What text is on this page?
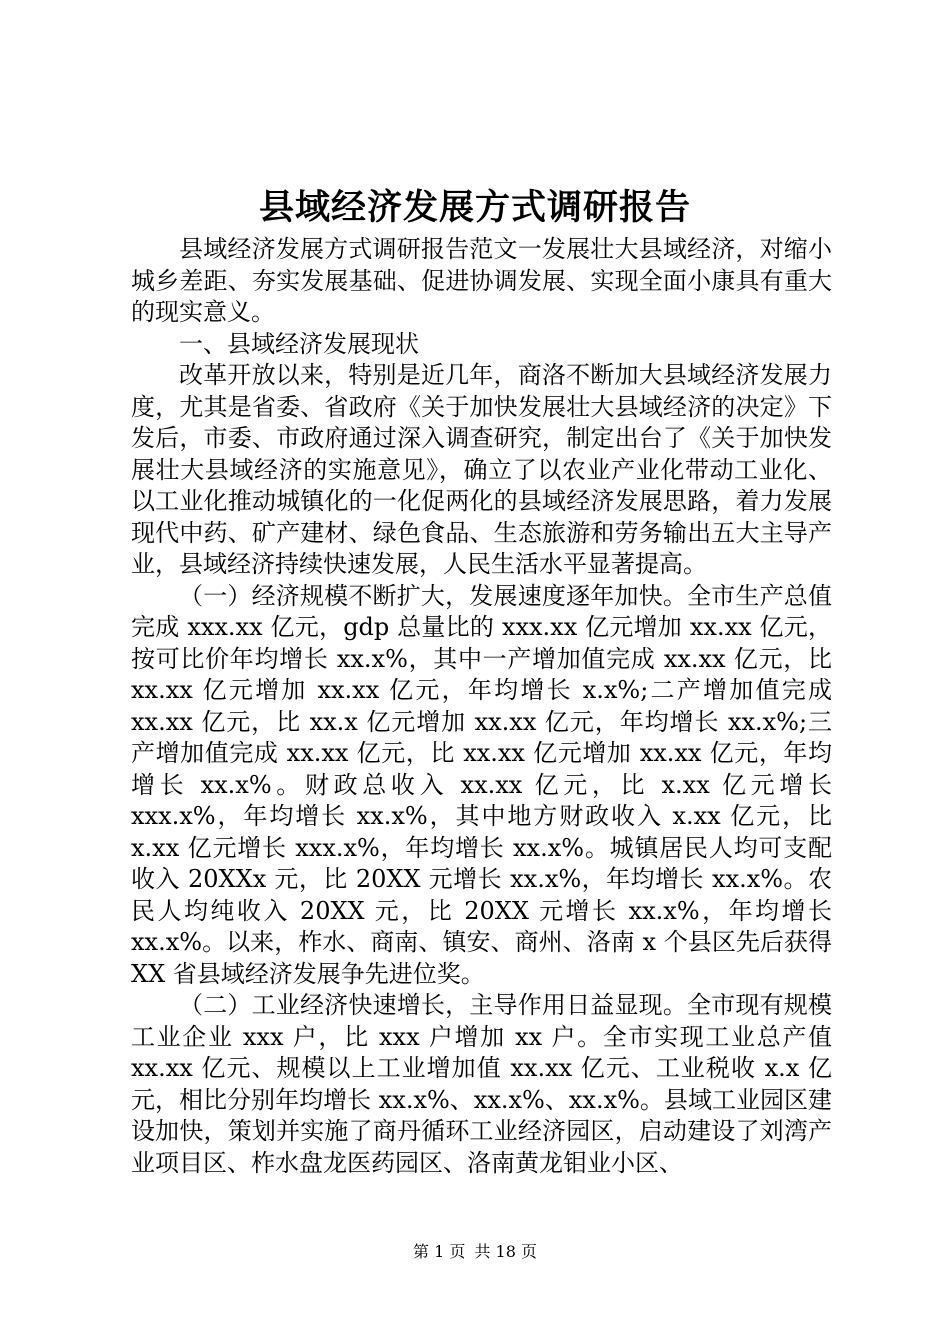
县域经济发展方式调研报告

县域经济发展方式调研报告范文一发展壮大县域经济，对缩小城乡差距、夯实发展基础、促进协调发展、实现全面小康具有重大的现实意义。

一、县域经济发展现状

改革开放以来，特别是近几年，商洛不断加大县域经济发展力度，尤其是省委、省政府《关于加快发展壮大县域经济的决定》下发后，市委、市政府通过深入调查研究，制定出台了《关于加快发展壮大县域经济的实施意见》，确立了以农业产业化带动工业化、以工业化推动城镇化的一化促两化的县域经济发展思路，着力发展现代中药、矿产建材、绿色食品、生态旅游和劳务输出五大主导产业，县域经济持续快速发展，人民生活水平显著提高。

（一）经济规模不断扩大，发展速度逐年加快。全市生产总值完成 xxx.xx 亿元，gdp 总量比的 xxx.xx 亿元增加 xx.xx 亿元，按可比价年均增长 xx.x%，其中一产增加值完成 xx.xx 亿元，比 xx.xx 亿元增加 xx.xx 亿元，年均增长 x.x%;二产增加值完成 xx.xx 亿元，比 xx.x 亿元增加 xx.xx 亿元，年均增长 xx.x%;三产增加值完成 xx.xx 亿元，比 xx.xx 亿元增加 xx.xx 亿元，年均增长 xx.x%。财政总收入 xx.xx 亿元，比 x.xx 亿元增长 xxx.x%，年均增长 xx.x%，其中地方财政收入 x.xx 亿元，比 x.xx 亿元增长 xxx.x%，年均增长 xx.x%。城镇居民人均可支配收入 20XXx 元，比 20XX 元增长 xx.x%，年均增长 xx.x%。农民人均纯收入 20XX 元，比 20XX 元增长 xx.x%，年均增长 xx.x%。以来，柞水、商南、镇安、商州、洛南 x 个县区先后获得 XX 省县域经济发展争先进位奖。

（二）工业经济快速增长，主导作用日益显现。全市现有规模工业企业 xxx 户，比 xxx 户增加 xx 户。全市实现工业总产值 xx.xx 亿元、规模以上工业增加值 xx.xx 亿元、工业税收 x.x 亿元，相比分别年均增长 xx.x%、xx.x%、xx.x%。县域工业园区建设加快，策划并实施了商丹循环工业经济园区，启动建设了刘湾产业项目区、柞水盘龙医药园区、洛南黄龙钼业小区、

第 1 页 共 18 页
